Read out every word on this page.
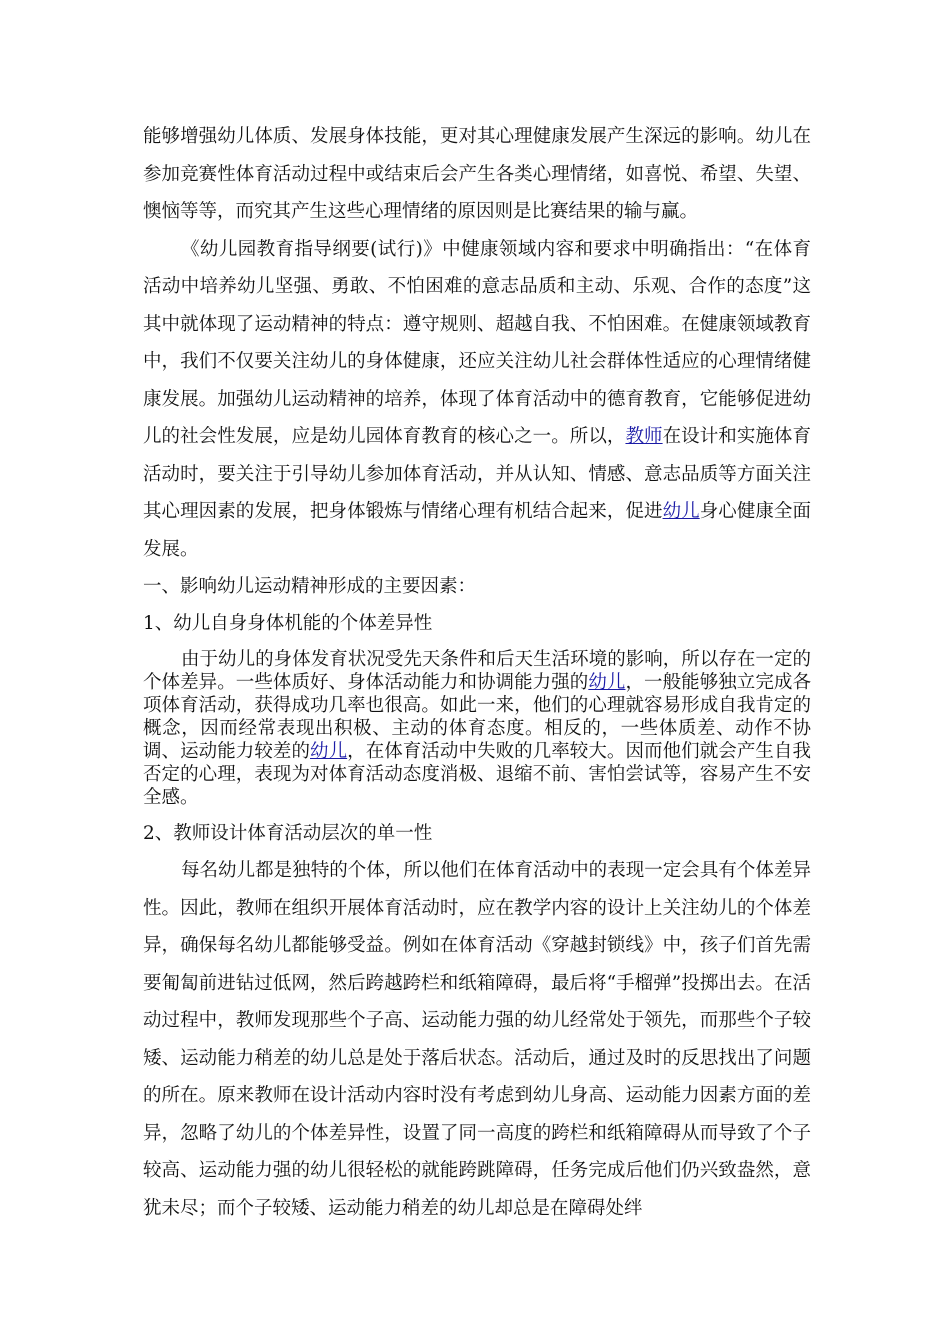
能够增强幼儿体质、发展身体技能，更对其心理健康发展产生深远的影响。幼儿在参加竞赛性体育活动过程中或结束后会产生各类心理情绪，如喜悦、希望、失望、懊恼等等，而究其产生这些心理情绪的原因则是比赛结果的输与赢。

《幼儿园教育指导纲要(试行)》中健康领域内容和要求中明确指出：“在体育活动中培养幼儿坚强、勇敢、不怕困难的意志品质和主动、乐观、合作的态度”这其中就体现了运动精神的特点：遵守规则、超越自我、不怕困难。在健康领域教育中，我们不仅要关注幼儿的身体健康，还应关注幼儿社会群体性适应的心理情绪健康发展。加强幼儿运动精神的培养，体现了体育活动中的德育教育，它能够促进幼儿的社会性发展，应是幼儿园体育教育的核心之一。所以，教师在设计和实施体育活动时，要关注于引导幼儿参加体育活动，并从认知、情感、意志品质等方面关注其心理因素的发展，把身体锻炼与情绪心理有机结合起来，促进幼儿身心健康全面发展。

一、影响幼儿运动精神形成的主要因素：

1、幼儿自身身体机能的个体差异性

由于幼儿的身体发育状况受先天条件和后天生活环境的影响，所以存在一定的个体差异。一些体质好、身体活动能力和协调能力强的幼儿，一般能够独立完成各项体育活动，获得成功几率也很高。如此一来，他们的心理就容易形成自我肯定的概念，因而经常表现出积极、主动的体育态度。相反的，一些体质差、动作不协调、运动能力较差的幼儿，在体育活动中失败的几率较大。因而他们就会产生自我否定的心理，表现为对体育活动态度消极、退缩不前、害怕尝试等，容易产生不安全感。

2、教师设计体育活动层次的单一性

每名幼儿都是独特的个体，所以他们在体育活动中的表现一定会具有个体差异性。因此，教师在组织开展体育活动时，应在教学内容的设计上关注幼儿的个体差异，确保每名幼儿都能够受益。例如在体育活动《穿越封锁线》中，孩子们首先需要匍匐前进钻过低网，然后跨越跨栏和纸箱障碍，最后将“手榴弹”投掷出去。在活动过程中，教师发现那些个子高、运动能力强的幼儿经常处于领先，而那些个子较矮、运动能力稍差的幼儿总是处于落后状态。活动后，通过及时的反思找出了问题的所在。原来教师在设计活动内容时没有考虑到幼儿身高、运动能力因素方面的差异，忽略了幼儿的个体差异性，设置了同一高度的跨栏和纸箱障碍从而导致了个子较高、运动能力强的幼儿很轻松的就能跨跳障碍，任务完成后他们仍兴致盎然，意犹未尽；而个子较矮、运动能力稍差的幼儿却总是在障碍处绊
